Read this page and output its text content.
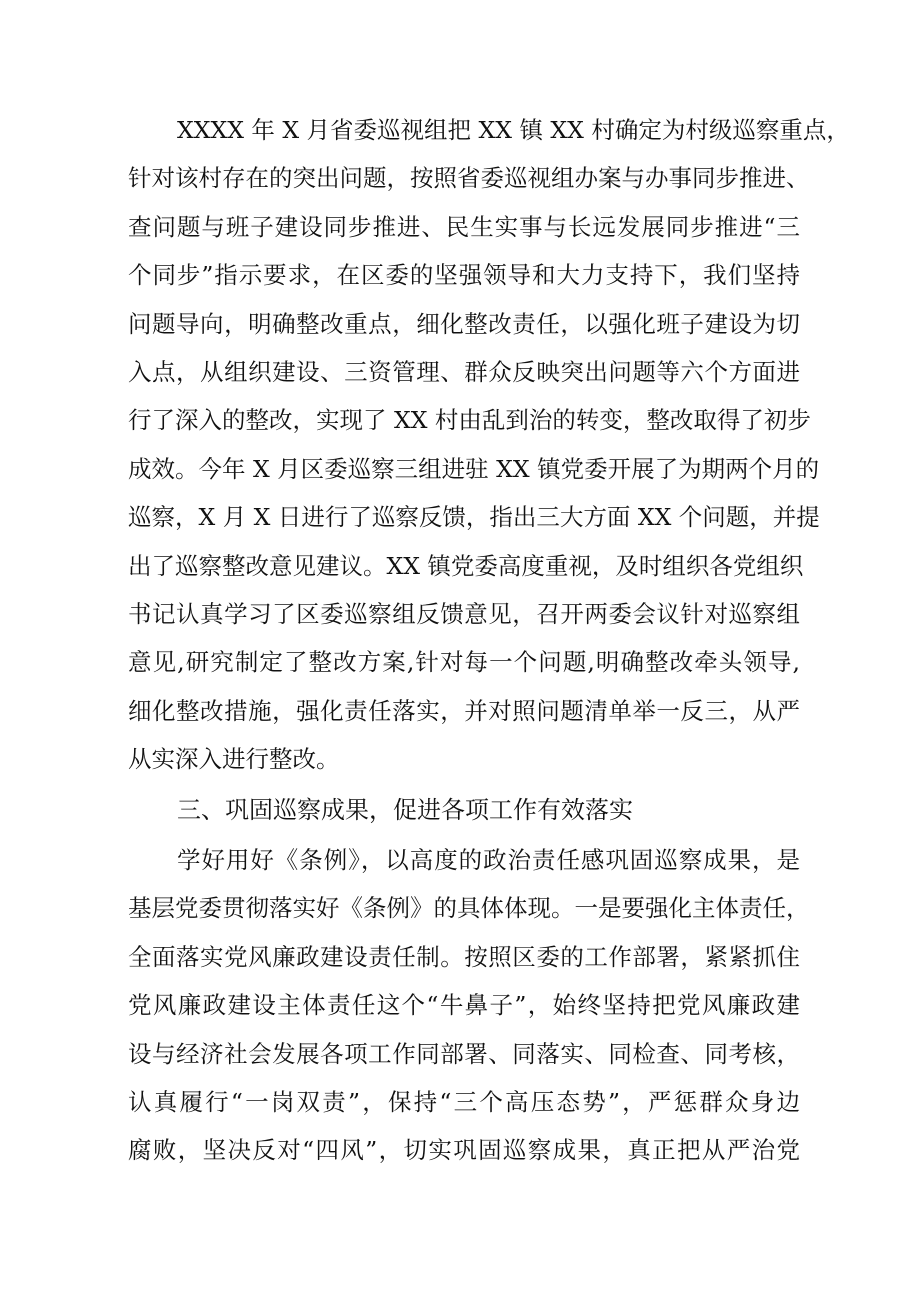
XXXX 年 X 月省委巡视组把 XX 镇 XX 村确定为村级巡察重点，
针对该村存在的突出问题，按照省委巡视组办案与办事同步推进、
查问题与班子建设同步推进、民生实事与长远发展同步推进“三
个同步”指示要求，在区委的坚强领导和大力支持下，我们坚持
问题导向，明确整改重点，细化整改责任，以强化班子建设为切
入点，从组织建设、三资管理、群众反映突出问题等六个方面进
行了深入的整改，实现了 XX 村由乱到治的转变，整改取得了初步
成效。今年 X 月区委巡察三组进驻 XX 镇党委开展了为期两个月的
巡察，X 月 X 日进行了巡察反馈，指出三大方面 XX 个问题，并提
出了巡察整改意见建议。XX 镇党委高度重视，及时组织各党组织
书记认真学习了区委巡察组反馈意见，召开两委会议针对巡察组
意见,研究制定了整改方案,针对每一个问题,明确整改牵头领导,
细化整改措施，强化责任落实，并对照问题清单举一反三，从严
从实深入进行整改。
三、巩固巡察成果，促进各项工作有效落实
学好用好《条例》，以高度的政治责任感巩固巡察成果，是
基层党委贯彻落实好《条例》的具体体现。一是要强化主体责任，
全面落实党风廉政建设责任制。按照区委的工作部署，紧紧抓住
党风廉政建设主体责任这个“牛鼻子”，始终坚持把党风廉政建
设与经济社会发展各项工作同部署、同落实、同检查、同考核，
认真履行“一岗双责”，保持“三个高压态势”，严惩群众身边
腐败，坚决反对“四风”，切实巩固巡察成果，真正把从严治党
